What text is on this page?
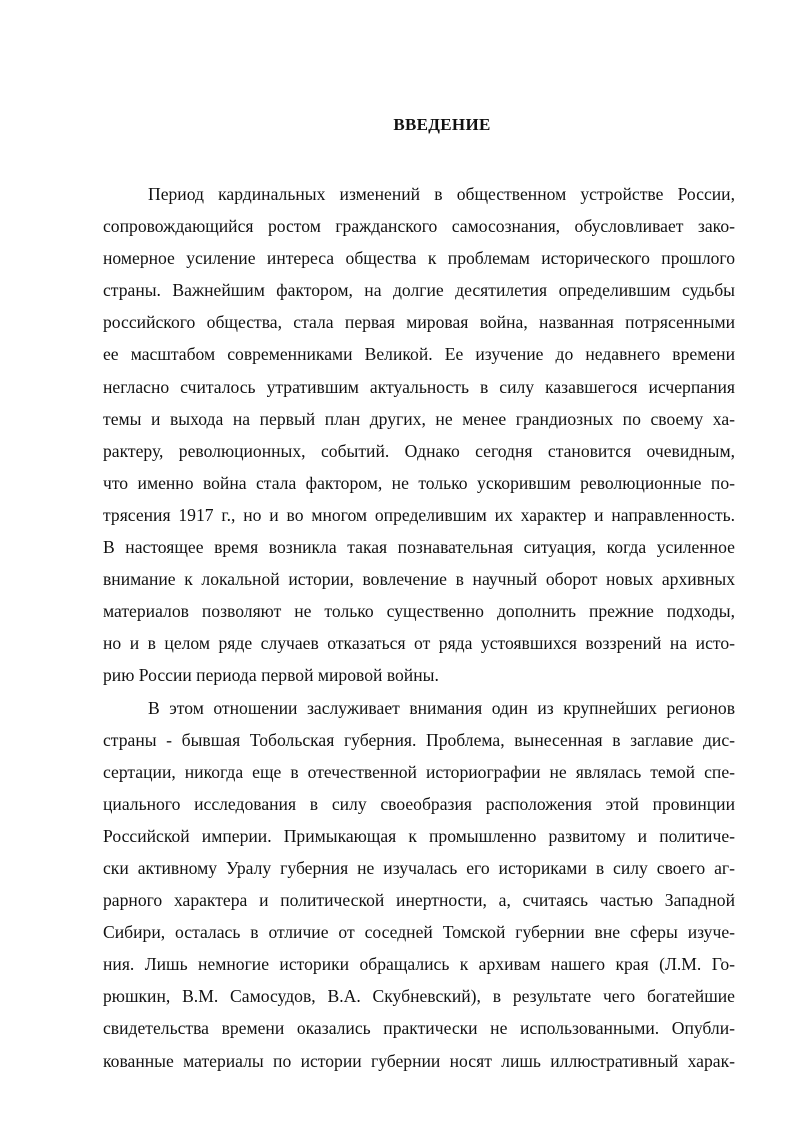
ВВЕДЕНИЕ
Период кардинальных изменений в общественном устройстве России,
сопровождающийся ростом гражданского самосознания, обусловливает зако-
номерное усиление интереса общества к проблемам исторического прошлого
страны. Важнейшим фактором, на долгие десятилетия определившим судьбы
российского общества, стала первая мировая война, названная потрясенными
ее масштабом современниками Великой. Ее изучение до недавнего времени
негласно считалось утратившим актуальность в силу казавшегося исчерпания
темы и выхода на первый план других, не менее грандиозных по своему ха-
рактеру, революционных, событий. Однако сегодня становится очевидным,
что именно война стала фактором, не только ускорившим революционные по-
трясения 1917 г., но и во многом определившим их характер и направленность.
В настоящее время возникла такая познавательная ситуация, когда усиленное
внимание к локальной истории, вовлечение в научный оборот новых архивных
материалов позволяют не только существенно дополнить прежние подходы,
но и в целом ряде случаев отказаться от ряда устоявшихся воззрений на исто-
рию России периода первой мировой войны.
В этом отношении заслуживает внимания один из крупнейших регионов
страны - бывшая Тобольская губерния. Проблема, вынесенная в заглавие дис-
сертации, никогда еще в отечественной историографии не являлась темой спе-
циального исследования в силу своеобразия расположения этой провинции
Российской империи. Примыкающая к промышленно развитому и политиче-
ски активному Уралу губерния не изучалась его историками в силу своего аг-
рарного характера и политической инертности, а, считаясь частью Западной
Сибири, осталась в отличие от соседней Томской губернии вне сферы изуче-
ния. Лишь немногие историки обращались к архивам нашего края (Л.М. Го-
рюшкин, В.М. Самосудов, В.А. Скубневский), в результате чего богатейшие
свидетельства времени оказались практически не использованными. Опубли-
кованные материалы по истории губернии носят лишь иллюстративный харак-
